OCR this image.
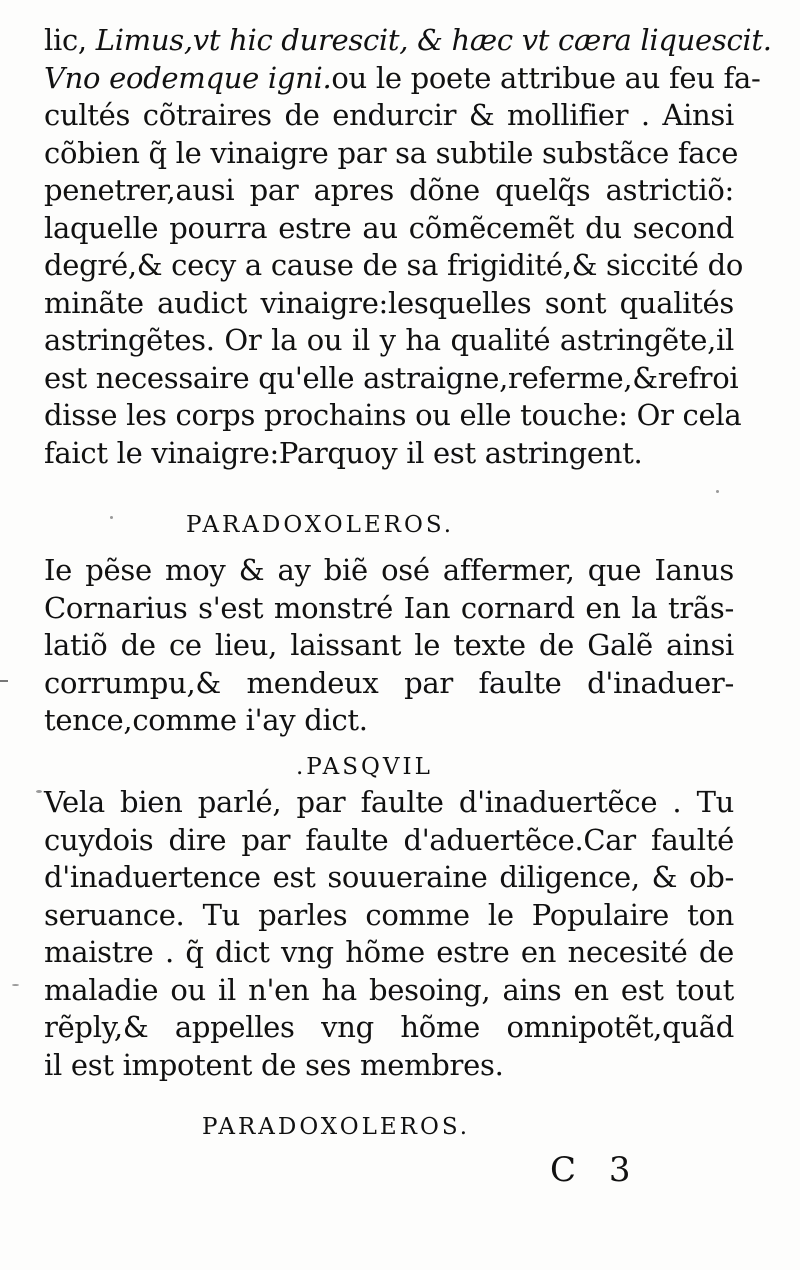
lic, Limus,vt hic durescit, & hæc vt cæra liquescit.
Vno eodemque igni.ou le poete attribue au feu fa-
cultés cõtraires de endurcir & mollifier . Ainsi
cõbien q̃ le vinaigre par sa subtile substãce face
penetrer,ausi par apres dõne quelq̃s astrictiõ:
laquelle pourra estre au cõmẽcemẽt du second
degré,& cecy a cause de sa frigidité,& siccité do
minãte audict vinaigre:lesquelles sont qualités
astringẽtes. Or la ou il y ha qualité astringẽte,il
est necessaire qu'elle astraigne,referme,&refroi
disse les corps prochains ou elle touche: Or cela
faict le vinaigre:Parquoy il est astringent.
PARADOXOLEROS.
Ie pẽse moy & ay biẽ osé affermer, que Ianus
Cornarius s'est monstré Ian cornard en la trãs-
latiõ de ce lieu, laissant le texte de Galẽ ainsi
corrumpu,& mendeux par faulte d'inaduer-
tence,comme i'ay dict.
.PASQVIL
Vela bien parlé, par faulte d'inaduertẽce . Tu
cuydois dire par faulte d'aduertẽce.Car faulté
d'inaduertence est souueraine diligence, & ob-
seruance. Tu parles comme le Populaire ton
maistre . q̃ dict vng hõme estre en necesité de
maladie ou il n'en ha besoing, ains en est tout
rẽply,& appelles vng hõme omnipotẽt,quãd
il est impotent de ses membres.
PARADOXOLEROS.
C 3
